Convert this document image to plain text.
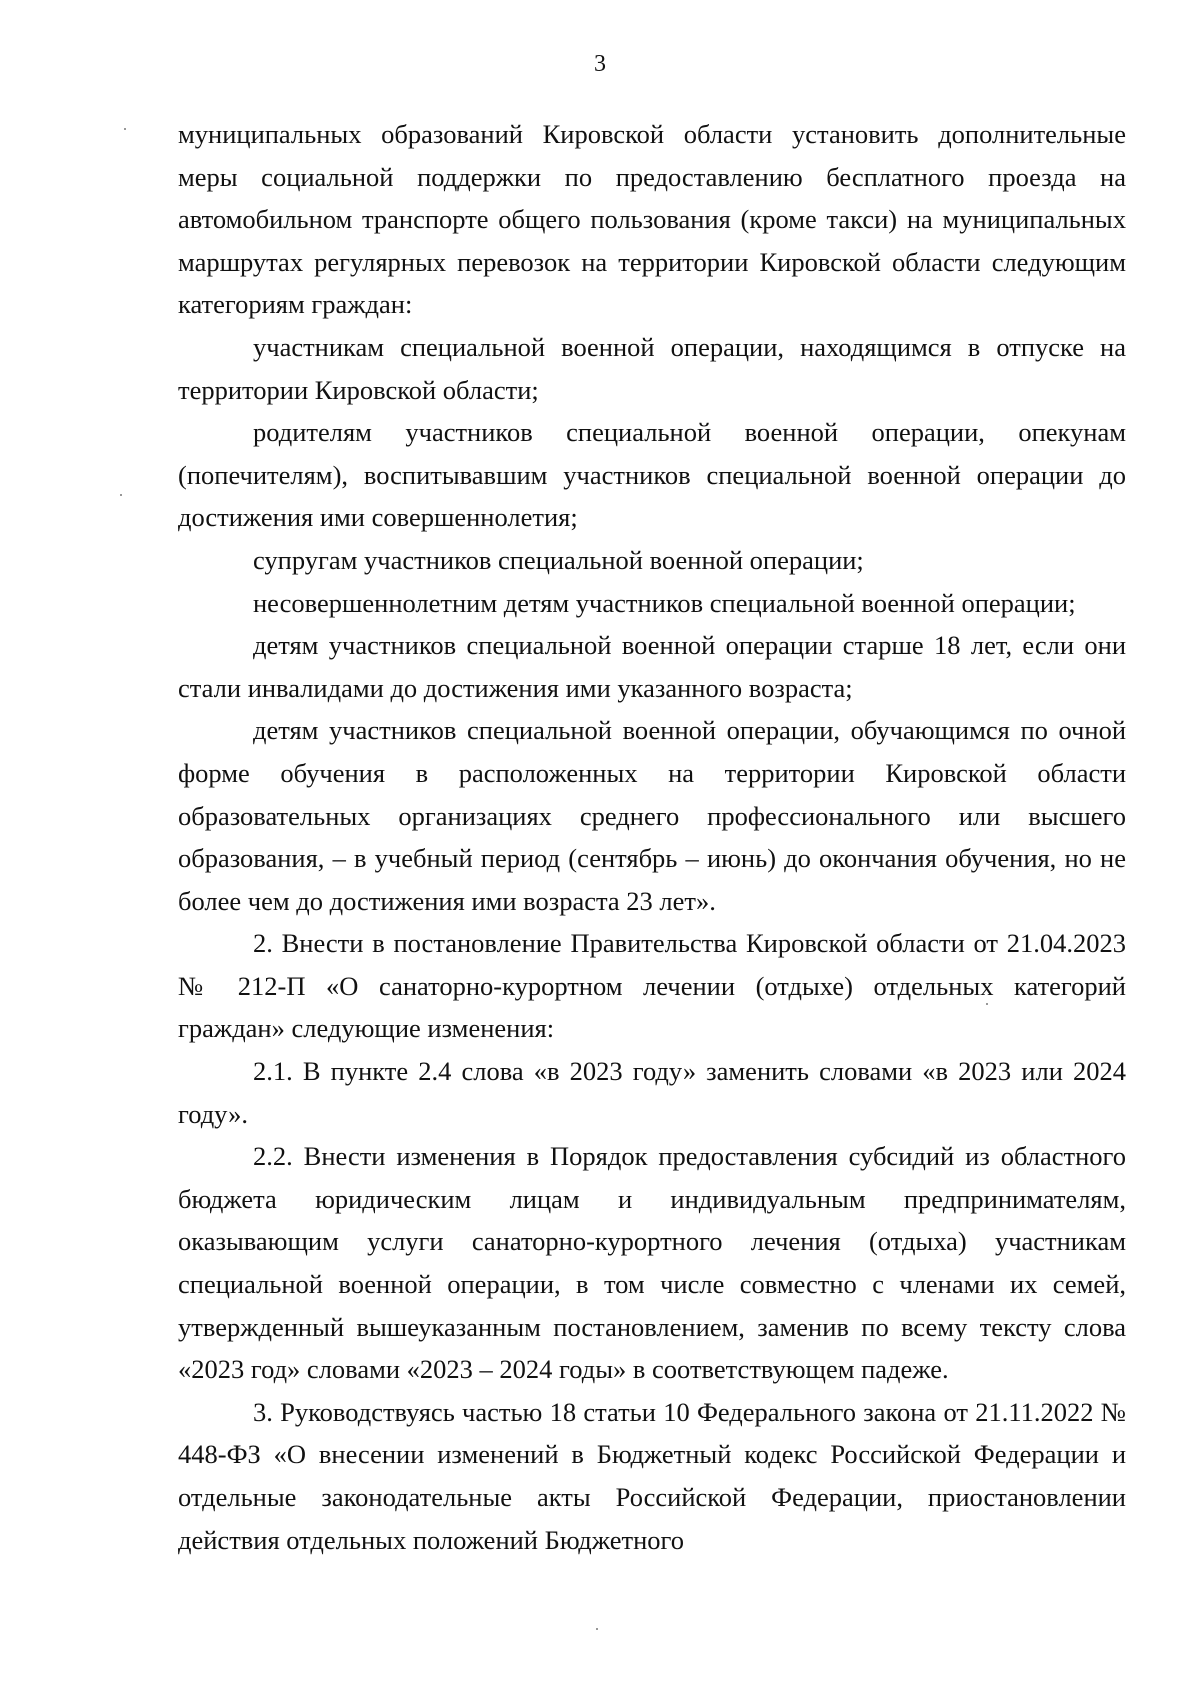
3

муниципальных образований Кировской области установить дополнительные меры социальной поддержки по предоставлению бесплатного проезда на автомобильном транспорте общего пользования (кроме такси) на муниципальных маршрутах регулярных перевозок на территории Кировской области следующим категориям граждан:

участникам специальной военной операции, находящимся в отпуске на территории Кировской области;

родителям участников специальной военной операции, опекунам (попечителям), воспитывавшим участников специальной военной операции до достижения ими совершеннолетия;

супругам участников специальной военной операции;

несовершеннолетним детям участников специальной военной операции;

детям участников специальной военной операции старше 18 лет, если они стали инвалидами до достижения ими указанного возраста;

детям участников специальной военной операции, обучающимся по очной форме обучения в расположенных на территории Кировской области образовательных организациях среднего профессионального или высшего образования, – в учебный период (сентябрь – июнь) до окончания обучения, но не более чем до достижения ими возраста 23 лет».

2. Внести в постановление Правительства Кировской области от 21.04.2023 № 212-П «О санаторно-курортном лечении (отдыхе) отдельных категорий граждан» следующие изменения:

2.1. В пункте 2.4 слова «в 2023 году» заменить словами «в 2023 или 2024 году».

2.2. Внести изменения в Порядок предоставления субсидий из областного бюджета юридическим лицам и индивидуальным предпринимателям, оказывающим услуги санаторно-курортного лечения (отдыха) участникам специальной военной операции, в том числе совместно с членами их семей, утвержденный вышеуказанным постановлением, заменив по всему тексту слова «2023 год» словами «2023 – 2024 годы» в соответствующем падеже.

3. Руководствуясь частью 18 статьи 10 Федерального закона от 21.11.2022 № 448-ФЗ «О внесении изменений в Бюджетный кодекс Российской Федерации и отдельные законодательные акты Российской Федерации, приостановлении действия отдельных положений Бюджетного
